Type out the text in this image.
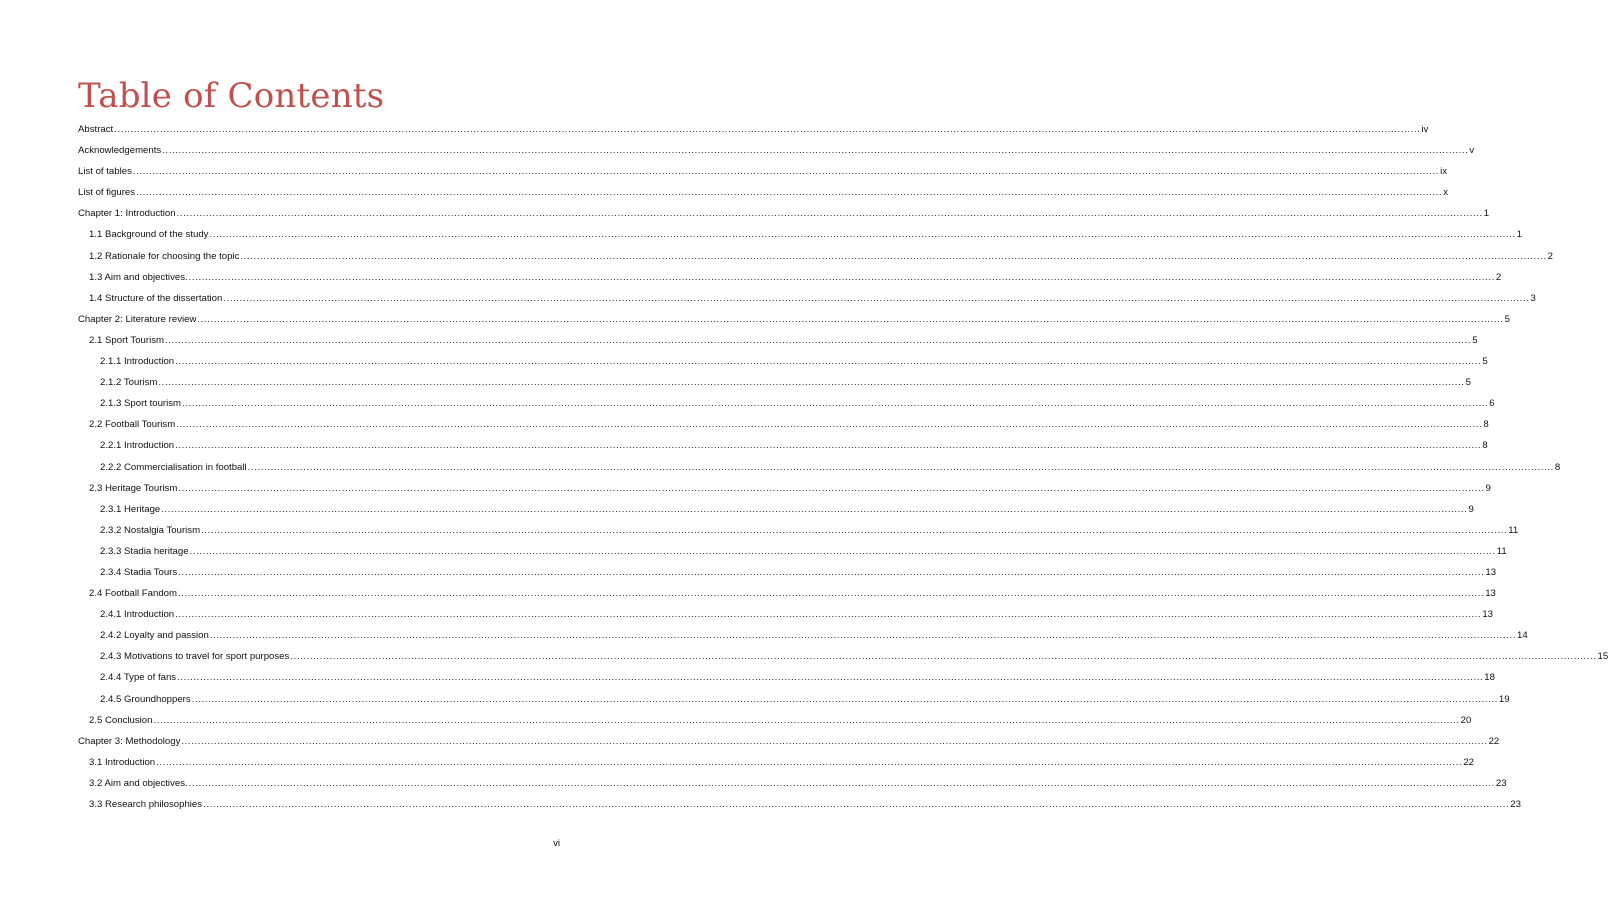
Table of Contents
Abstract ................................................................................................................................................................................................................................................................................................................................................................................................................ iv
Acknowledgements ................................................................................................................................................................................................................................................................................................................................................................................................................ v
List of tables ................................................................................................................................................................................................................................................................................................................................................................................................................ ix
List of figures ................................................................................................................................................................................................................................................................................................................................................................................................................ x
Chapter 1: Introduction ................................................................................................................................................................................................................................................................................................................................................................................................................ 1
1.1 Background of the study ................................................................................................................................................................................................................................................................................................................................................................................................................ 1
1.2 Rationale for choosing the topic ................................................................................................................................................................................................................................................................................................................................................................................................................ 2
1.3 Aim and objectives. ................................................................................................................................................................................................................................................................................................................................................................................................................ 2
1.4 Structure of the dissertation ................................................................................................................................................................................................................................................................................................................................................................................................................ 3
Chapter 2: Literature review ................................................................................................................................................................................................................................................................................................................................................................................................................ 5
2.1 Sport Tourism ................................................................................................................................................................................................................................................................................................................................................................................................................ 5
2.1.1 Introduction ................................................................................................................................................................................................................................................................................................................................................................................................................ 5
2.1.2 Tourism ................................................................................................................................................................................................................................................................................................................................................................................................................ 5
2.1.3 Sport tourism ................................................................................................................................................................................................................................................................................................................................................................................................................ 6
2.2 Football Tourism ................................................................................................................................................................................................................................................................................................................................................................................................................ 8
2.2.1 Introduction ................................................................................................................................................................................................................................................................................................................................................................................................................ 8
2.2.2 Commercialisation in football ................................................................................................................................................................................................................................................................................................................................................................................................................ 8
2.3 Heritage Tourism ................................................................................................................................................................................................................................................................................................................................................................................................................ 9
2.3.1 Heritage ................................................................................................................................................................................................................................................................................................................................................................................................................ 9
2.3.2 Nostalgia Tourism ................................................................................................................................................................................................................................................................................................................................................................................................................ 11
2.3.3 Stadia heritage ................................................................................................................................................................................................................................................................................................................................................................................................................ 11
2.3.4 Stadia Tours ................................................................................................................................................................................................................................................................................................................................................................................................................ 13
2.4 Football Fandom ................................................................................................................................................................................................................................................................................................................................................................................................................ 13
2.4.1 Introduction ................................................................................................................................................................................................................................................................................................................................................................................................................ 13
2.4.2 Loyalty and passion ................................................................................................................................................................................................................................................................................................................................................................................................................ 14
2.4.3 Motivations to travel for sport purposes ................................................................................................................................................................................................................................................................................................................................................................................................................ 15
2.4.4 Type of fans ................................................................................................................................................................................................................................................................................................................................................................................................................ 18
2.4.5 Groundhoppers ................................................................................................................................................................................................................................................................................................................................................................................................................ 19
2.5 Conclusion ................................................................................................................................................................................................................................................................................................................................................................................................................ 20
Chapter 3: Methodology ................................................................................................................................................................................................................................................................................................................................................................................................................ 22
3.1 Introduction ................................................................................................................................................................................................................................................................................................................................................................................................................ 22
3.2 Aim and objectives. ................................................................................................................................................................................................................................................................................................................................................................................................................ 23
3.3 Research philosophies ................................................................................................................................................................................................................................................................................................................................................................................................................ 23
vi
